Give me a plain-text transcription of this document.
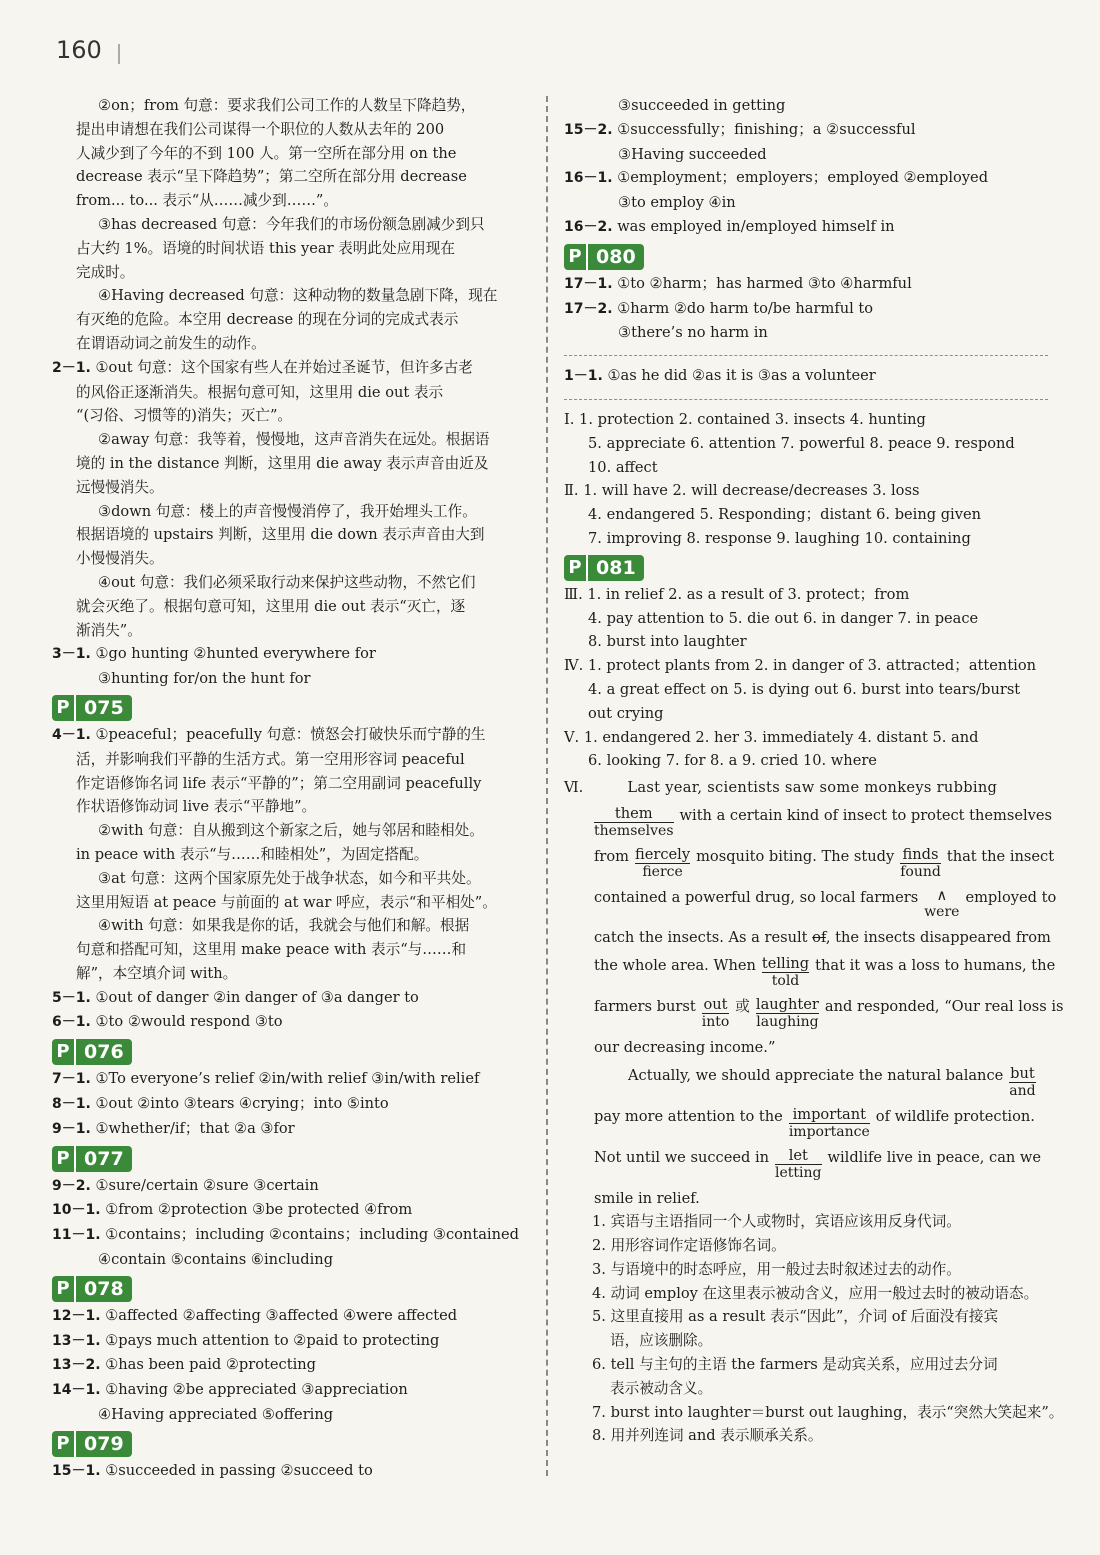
160
②on；from 句意：要求我们公司工作的人数呈下降趋势，
提出申请想在我们公司谋得一个职位的人数从去年的 200
人减少到了今年的不到 100 人。第一空所在部分用 on the
decrease 表示“呈下降趋势”；第二空所在部分用 decrease
from... to... 表示“从……减少到……”。
③has decreased 句意：今年我们的市场份额急剧减少到只
占大约 1%。语境的时间状语 this year 表明此处应用现在
完成时。
④Having decreased 句意：这种动物的数量急剧下降，现在
有灭绝的危险。本空用 decrease 的现在分词的完成式表示
在谓语动词之前发生的动作。
2－1. ①out 句意：这个国家有些人在并始过圣诞节，但许多古老
的风俗正逐渐消失。根据句意可知，这里用 die out 表示
“(习俗、习惯等的)消失；灭亡”。
②away 句意：我等着，慢慢地，这声音消失在远处。根据语
境的 in the distance 判断，这里用 die away 表示声音由近及
远慢慢消失。
③down 句意：楼上的声音慢慢消停了，我开始埋头工作。
根据语境的 upstairs 判断，这里用 die down 表示声音由大到
小慢慢消失。
④out 句意：我们必须采取行动来保护这些动物，不然它们
就会灭绝了。根据句意可知，这里用 die out 表示“灭亡，逐
渐消失”。
3－1. ①go hunting ②hunted everywhere for
③hunting for/on the hunt for
P 075
4－1. ①peaceful；peacefully 句意：愤怒会打破快乐而宁静的生
活，并影响我们平静的生活方式。第一空用形容词 peaceful
作定语修饰名词 life 表示“平静的”；第二空用副词 peacefully
作状语修饰动词 live 表示“平静地”。
②with 句意：自从搬到这个新家之后，她与邻居和睦相处。
in peace with 表示“与……和睦相处”，为固定搭配。
③at 句意：这两个国家原先处于战争状态，如今和平共处。
这里用短语 at peace 与前面的 at war 呼应，表示“和平相处”。
④with 句意：如果我是你的话，我就会与他们和解。根据
句意和搭配可知，这里用 make peace with 表示“与……和
解”，本空填介词 with。
5－1. ①out of danger ②in danger of ③a danger to
6－1. ①to ②would respond ③to
P 076
7－1. ①To everyone’s relief ②in/with relief ③in/with relief
8－1. ①out ②into ③tears ④crying；into ⑤into
9－1. ①whether/if；that ②a ③for
P 077
9－2. ①sure/certain ②sure ③certain
10－1. ①from ②protection ③be protected ④from
11－1. ①contains；including ②contains；including ③contained
④contain ⑤contains ⑥including
P 078
12－1. ①affected ②affecting ③affected ④were affected
13－1. ①pays much attention to ②paid to protecting
13－2. ①has been paid ②protecting
14－1. ①having ②be appreciated ③appreciation
④Having appreciated ⑤offering
P 079
15－1. ①succeeded in passing ②succeed to
③succeeded in getting
15－2. ①successfully；finishing；a ②successful
③Having succeeded
16－1. ①employment；employers；employed ②employed
③to employ ④in
16－2. was employed in/employed himself in
P 080
17－1. ①to ②harm；has harmed ③to ④harmful
17－2. ①harm ②do harm to/be harmful to
③there’s no harm in
1－1. ①as he did ②as it is ③as a volunteer
Ⅰ. 1. protection 2. contained 3. insects 4. hunting
5. appreciate 6. attention 7. powerful 8. peace 9. respond
10. affect
Ⅱ. 1. will have 2. will decrease/decreases 3. loss
4. endangered 5. Responding；distant 6. being given
7. improving 8. response 9. laughing 10. containing
P 081
Ⅲ. 1. in relief 2. as a result of 3. protect；from
4. pay attention to 5. die out 6. in danger 7. in peace
8. burst into laughter
Ⅳ. 1. protect plants from 2. in danger of 3. attracted；attention
4. a great effect on 5. is dying out 6. burst into tears/burst
out crying
Ⅴ. 1. endangered 2. her 3. immediately 4. distant 5. and
6. looking 7. for 8. a 9. cried 10. where
Ⅵ.	Last year, scientists saw some monkeys rubbing
them
themselves
with a certain kind of insect to protect themselves
from fiercely
fierce
mosquito biting. The study finds
found
that the insect
contained a powerful drug, so local farmers	∧
were
employed to
catch the insects. As a result of, the insects disappeared from
the whole area. When telling
told
that it was a loss to humans, the
farmers burst out
into
或 laughter
laughing
and responded, “Our real loss is
our decreasing income.”
Actually, we should appreciate the natural balance but
and
pay more attention to the important
importance
of wildlife protection.
Not until we succeed in	let
letting
wildlife live in peace, can we
smile in relief.
1. 宾语与主语指同一个人或物时，宾语应该用反身代词。
2. 用形容词作定语修饰名词。
3. 与语境中的时态呼应，用一般过去时叙述过去的动作。
4. 动词 employ 在这里表示被动含义，应用一般过去时的被动语态。
5. 这里直接用 as a result 表示“因此”，介词 of 后面没有接宾
语，应该删除。
6. tell 与主句的主语 the farmers 是动宾关系，应用过去分词
表示被动含义。
7. burst into laughter＝burst out laughing，表示“突然大笑起来”。
8. 用并列连词 and 表示顺承关系。
